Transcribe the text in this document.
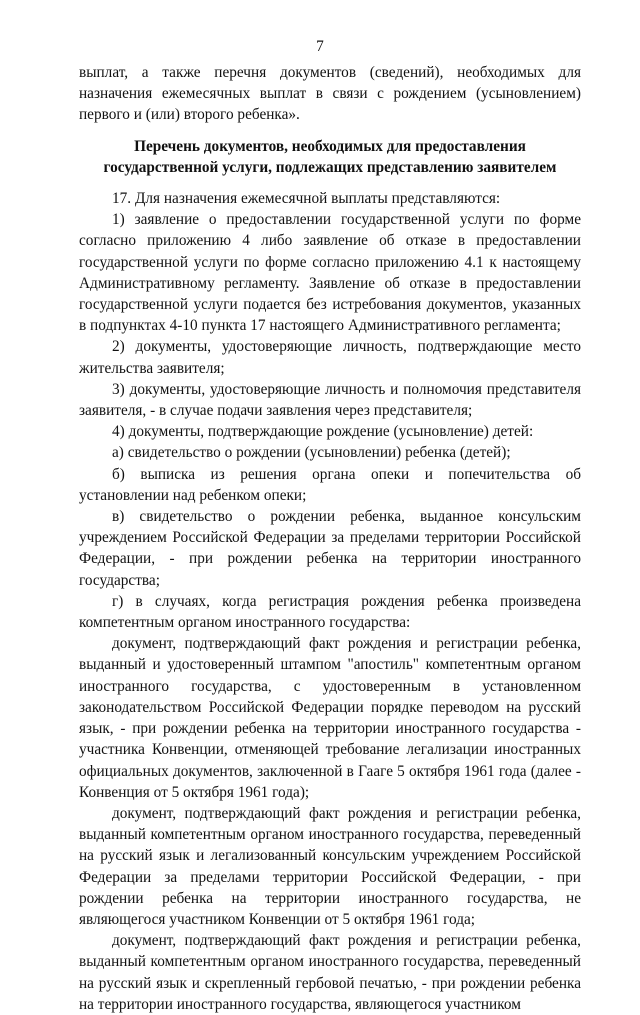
7

выплат, а также перечня документов (сведений), необходимых для назначения ежемесячных выплат в связи с рождением (усыновлением) первого и (или) второго ребенка».

Перечень документов, необходимых для предоставления
государственной услуги, подлежащих представлению заявителем

17. Для назначения ежемесячной выплаты представляются:

1) заявление о предоставлении государственной услуги по форме согласно приложению 4 либо заявление об отказе в предоставлении государственной услуги по форме согласно приложению 4.1 к настоящему Административному регламенту. Заявление об отказе в предоставлении государственной услуги подается без истребования документов, указанных в подпунктах 4-10 пункта 17 настоящего Административного регламента;

2) документы, удостоверяющие личность, подтверждающие место жительства заявителя;

3) документы, удостоверяющие личность и полномочия представителя заявителя, - в случае подачи заявления через представителя;

4) документы, подтверждающие рождение (усыновление) детей:

а) свидетельство о рождении (усыновлении) ребенка (детей);

б) выписка из решения органа опеки и попечительства об установлении над ребенком опеки;

в) свидетельство о рождении ребенка, выданное консульским учреждением Российской Федерации за пределами территории Российской Федерации, - при рождении ребенка на территории иностранного государства;

г) в случаях, когда регистрация рождения ребенка произведена компетентным органом иностранного государства:

документ, подтверждающий факт рождения и регистрации ребенка, выданный и удостоверенный штампом "апостиль" компетентным органом иностранного государства, с удостоверенным в установленном законодательством Российской Федерации порядке переводом на русский язык, - при рождении ребенка на территории иностранного государства - участника Конвенции, отменяющей требование легализации иностранных официальных документов, заключенной в Гааге 5 октября 1961 года (далее - Конвенция от 5 октября 1961 года);

документ, подтверждающий факт рождения и регистрации ребенка, выданный компетентным органом иностранного государства, переведенный на русский язык и легализованный консульским учреждением Российской Федерации за пределами территории Российской Федерации, - при рождении ребенка на территории иностранного государства, не являющегося участником Конвенции от 5 октября 1961 года;

документ, подтверждающий факт рождения и регистрации ребенка, выданный компетентным органом иностранного государства, переведенный на русский язык и скрепленный гербовой печатью, - при рождении ребенка на территории иностранного государства, являющегося участником
